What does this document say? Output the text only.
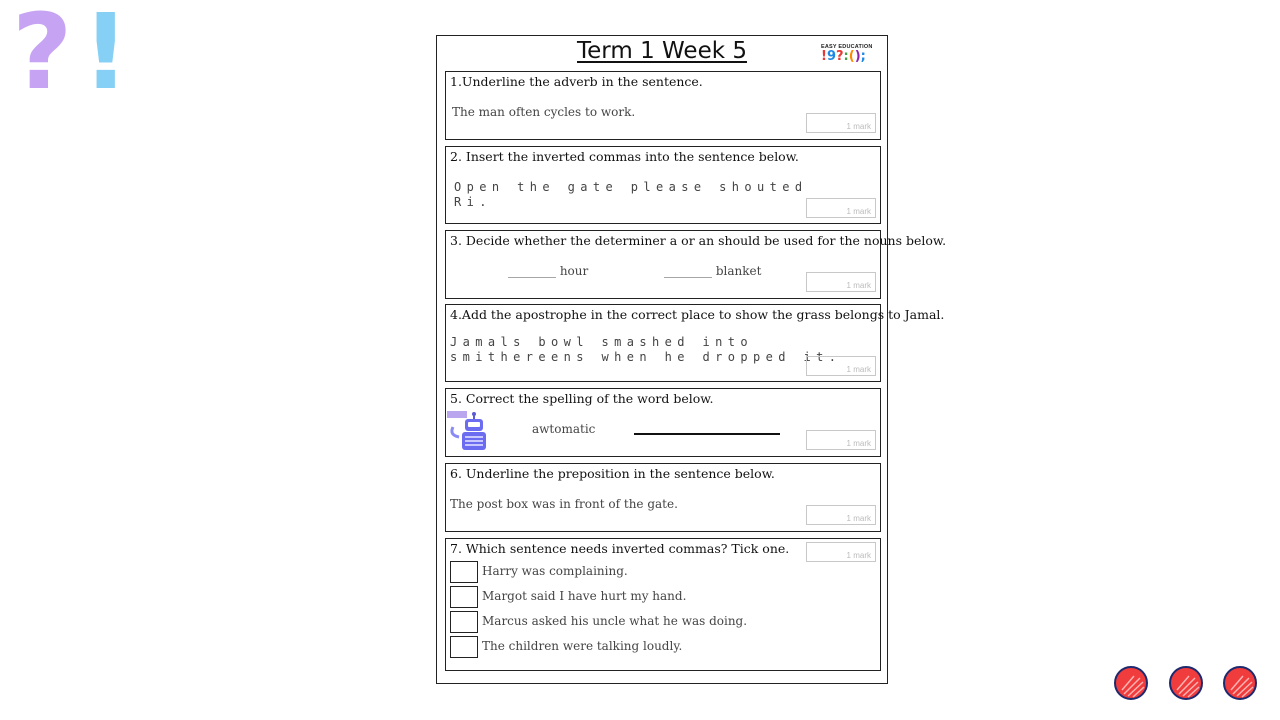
? !	Term 1 Week 5	EASY EDUCATION
!9?:();
1.Underline the adverb in the sentence.
The man often cycles to work.
1 mark
2. Insert the inverted commas into the sentence below.
Open the gate please shouted Ri.
1 mark
3. Decide whether the determiner a or an should be used for the nouns below.
________ hour	________ blanket
1 mark
4.Add the apostrophe in the correct place to show the grass belongs to Jamal.
Jamals bowl smashed into smithereens when he dropped it.
1 mark
5. Correct the spelling of the word below.
awtomatic
1 mark
6. Underline the preposition in the sentence below.
The post box was in front of the gate.
1 mark
7. Which sentence needs inverted commas? Tick one.	1 mark
Harry was complaining.
Margot said I have hurt my hand.
Marcus asked his uncle what he was doing.
The children were talking loudly.
